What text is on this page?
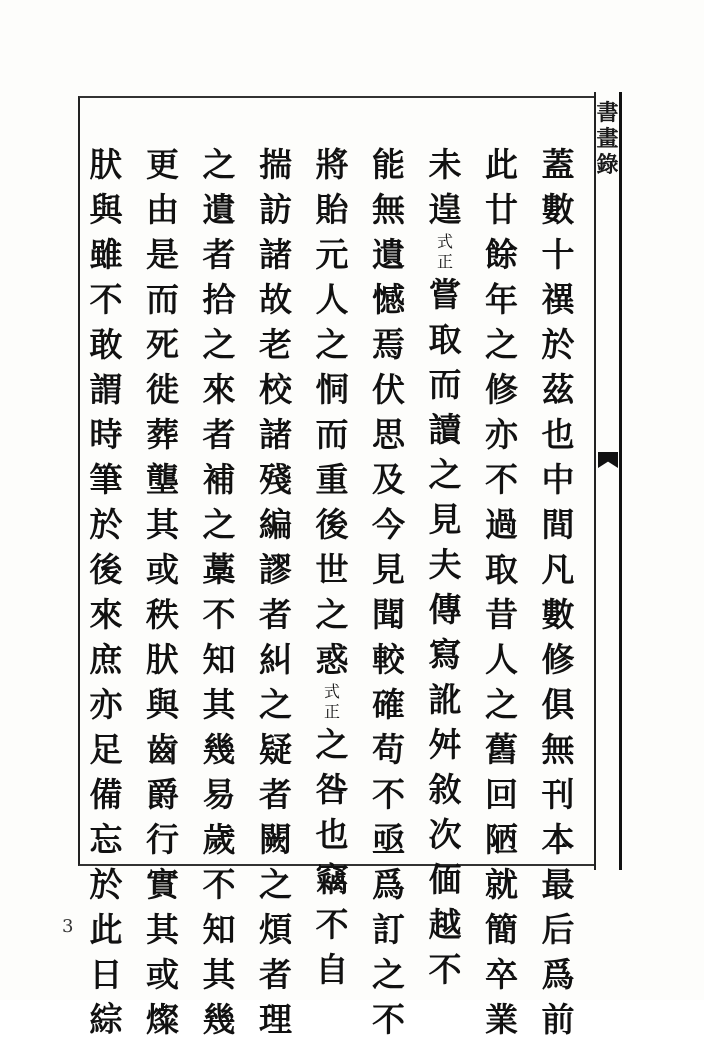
書
畫
錄
蓋
數
十
禩
於
茲
也
中
間
凡
數
修
俱
無
刊
本
最
后
爲
前
此
廿
餘
年
之
修
亦
不
過
取
昔
人
之
舊
回
陋
就
簡
卒
業
未
遑
式
正
嘗
取
而
讀
之
見
夫
傳
寫
訛
舛
敘
次
偭
越
不
能
無
遺
憾
焉
伏
思
及
今
見
聞
較
確
苟
不
亟
爲
訂
之
不
將
貽
元
人
之
恫
而
重
後
世
之
惑
式
正
之
咎
也
竊
不
自
揣
訪
諸
故
老
校
諸
殘
編
謬
者
糾
之
疑
者
闕
之
煩
者
理
之
遺
者
拾
之
來
者
補
之
藁
不
知
其
幾
易
歲
不
知
其
幾
更
由
是
而
死
徙
葬
壟
其
或
秩
肰
與
齒
爵
行
實
其
或
燦
肰
與
雖
不
敢
謂
時
筆
於
後
來
庶
亦
足
備
忘
於
此
日
綜
3
